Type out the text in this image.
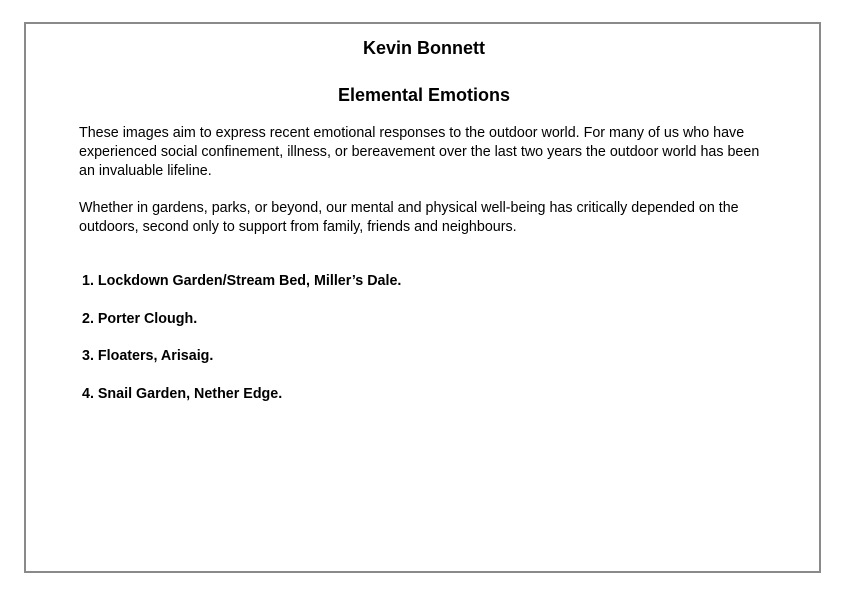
Kevin Bonnett
Elemental Emotions

These images aim to express recent emotional responses to the outdoor world. For many of us who have experienced social confinement, illness, or bereavement over the last two years the outdoor world has been an invaluable lifeline.

Whether in gardens, parks, or beyond, our mental and physical well-being has critically depended on the outdoors, second only to support from family, friends and neighbours.

1. Lockdown Garden/Stream Bed, Miller’s Dale.
2. Porter Clough.
3. Floaters, Arisaig.
4. Snail Garden, Nether Edge.
